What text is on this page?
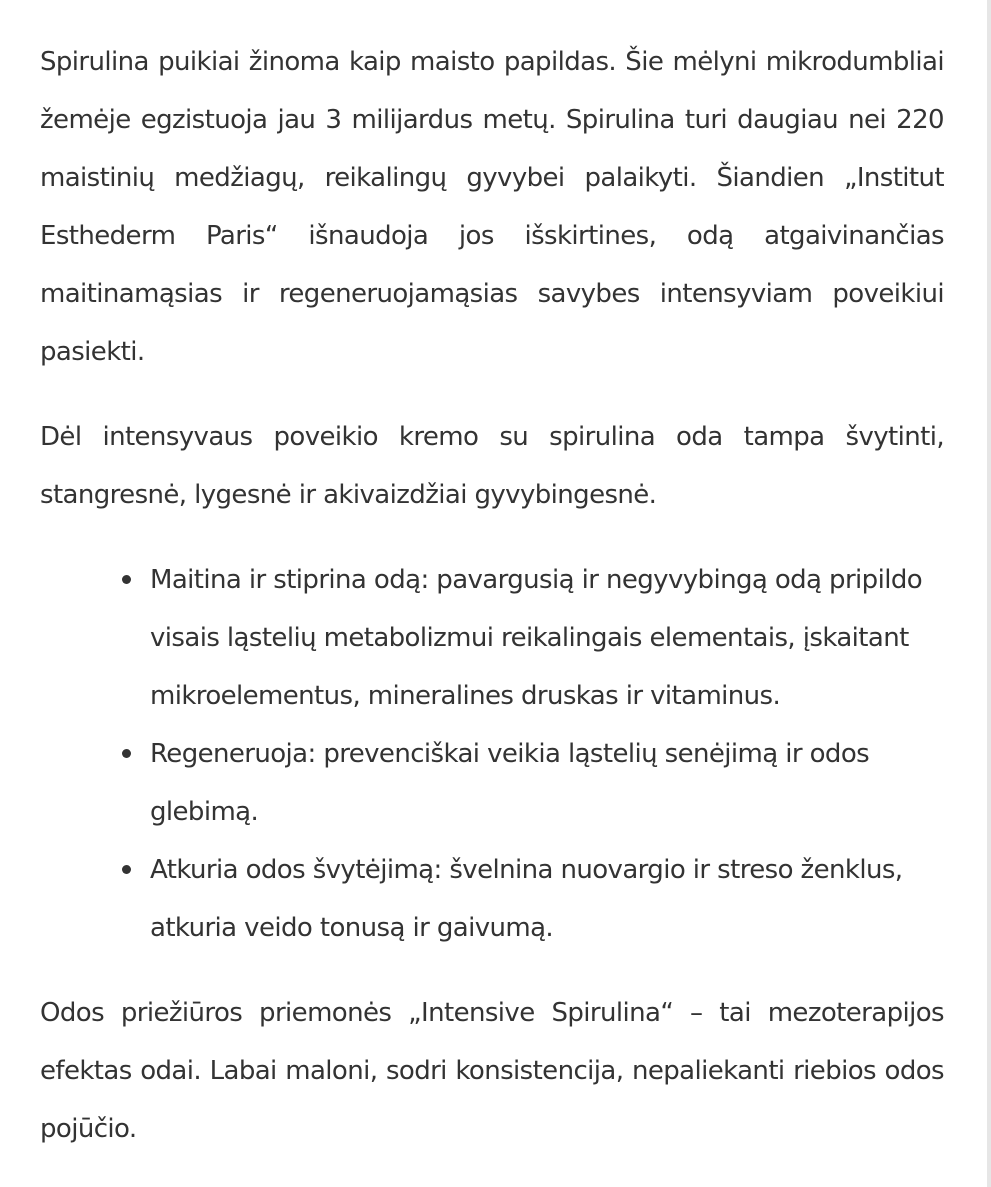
Spirulina puikiai žinoma kaip maisto papildas. Šie mėlyni mikrodumbliai žemėje egzistuoja jau 3 milijardus metų. Spirulina turi daugiau nei 220 maistinių medžiagų, reikalingų gyvybei palaikyti. Šiandien „Institut Esthederm Paris“ išnaudoja jos išskirtines, odą atgaivinančias maitinamąsias ir regeneruojamąsias savybes intensyviam poveikiui pasiekti.

Dėl intensyvaus poveikio kremo su spirulina oda tampa švytinti, stangresnė, lygesnė ir akivaizdžiai gyvybingesnė.

Maitina ir stiprina odą: pavargusią ir negyvybingą odą pripildo visais ląstelių metabolizmui reikalingais elementais, įskaitant mikroelementus, mineralines druskas ir vitaminus.
Regeneruoja: prevenciškai veikia ląstelių senėjimą ir odos glebimą.
Atkuria odos švytėjimą: švelnina nuovargio ir streso ženklus, atkuria veido tonusą ir gaivumą.

Odos priežiūros priemonės „Intensive Spirulina“ – tai mezoterapijos efektas odai. Labai maloni, sodri konsistencija, nepaliekanti riebios odos pojūčio.
